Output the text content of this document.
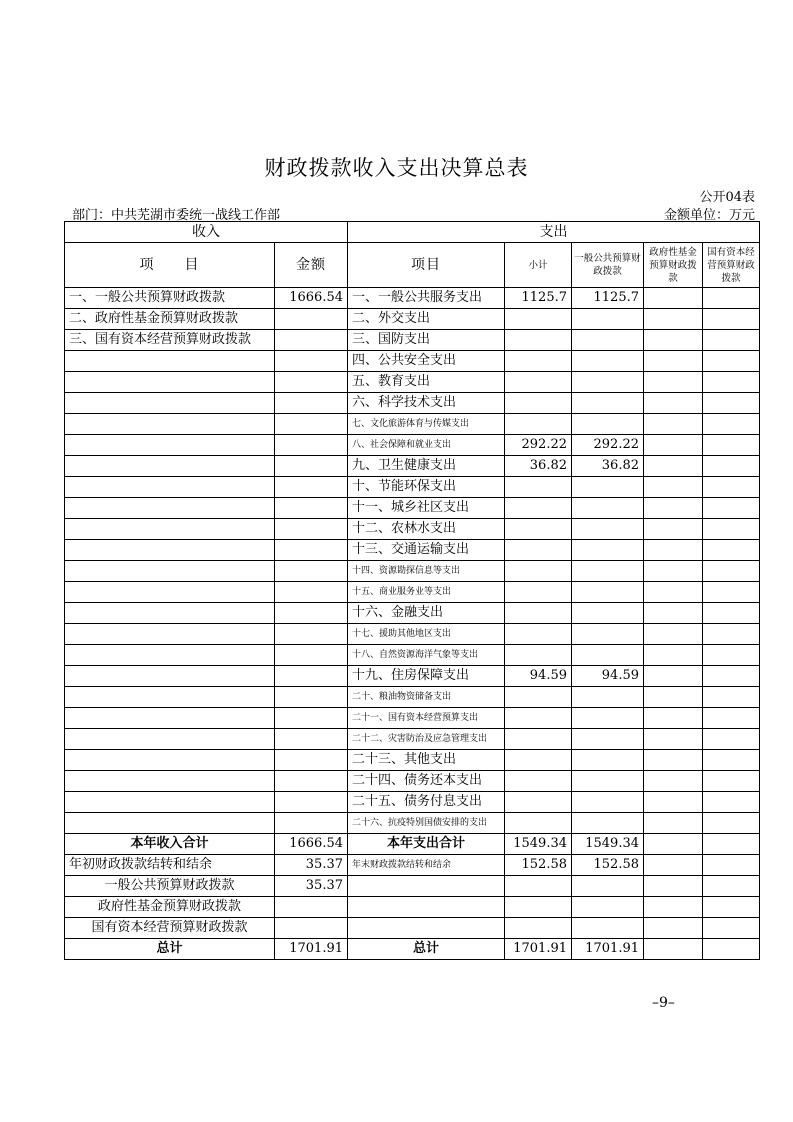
财政拨款收入支出决算总表
公开04表
部门：中共芜湖市委统一战线工作部	金额单位：万元
收入		支出				
项　　目	金额	项目	小计	一般公共预算财政拨款	政府性基金预算财政拨款	国有资本经营预算财政拨款
一、一般公共预算财政拨款	1666.54	一、一般公共服务支出	1125.7	1125.7		
二、政府性基金预算财政拨款		二、外交支出				
三、国有资本经营预算财政拨款		三、国防支出				
		四、公共安全支出				
		五、教育支出				
		六、科学技术支出				
		七、文化旅游体育与传媒支出				
		八、社会保障和就业支出	292.22	292.22		
		九、卫生健康支出	36.82	36.82		
		十、节能环保支出				
		十一、城乡社区支出				
		十二、农林水支出				
		十三、交通运输支出				
		十四、资源勘探信息等支出				
		十五、商业服务业等支出				
		十六、金融支出				
		十七、援助其他地区支出				
		十八、自然资源海洋气象等支出				
		十九、住房保障支出	94.59	94.59		
		二十、粮油物资储备支出				
		二十一、国有资本经营预算支出				
		二十二、灾害防治及应急管理支出				
		二十三、其他支出				
		二十四、债务还本支出				
		二十五、债务付息支出				
		二十六、抗疫特别国债安排的支出				
本年收入合计	1666.54	本年支出合计	1549.34	1549.34		
年初财政拨款结转和结余	35.37	年末财政拨款结转和结余	152.58	152.58		
一般公共预算财政拨款	35.37					
政府性基金预算财政拨款						
国有资本经营预算财政拨款						
总计	1701.91	总计	1701.91	1701.91		
–9–
